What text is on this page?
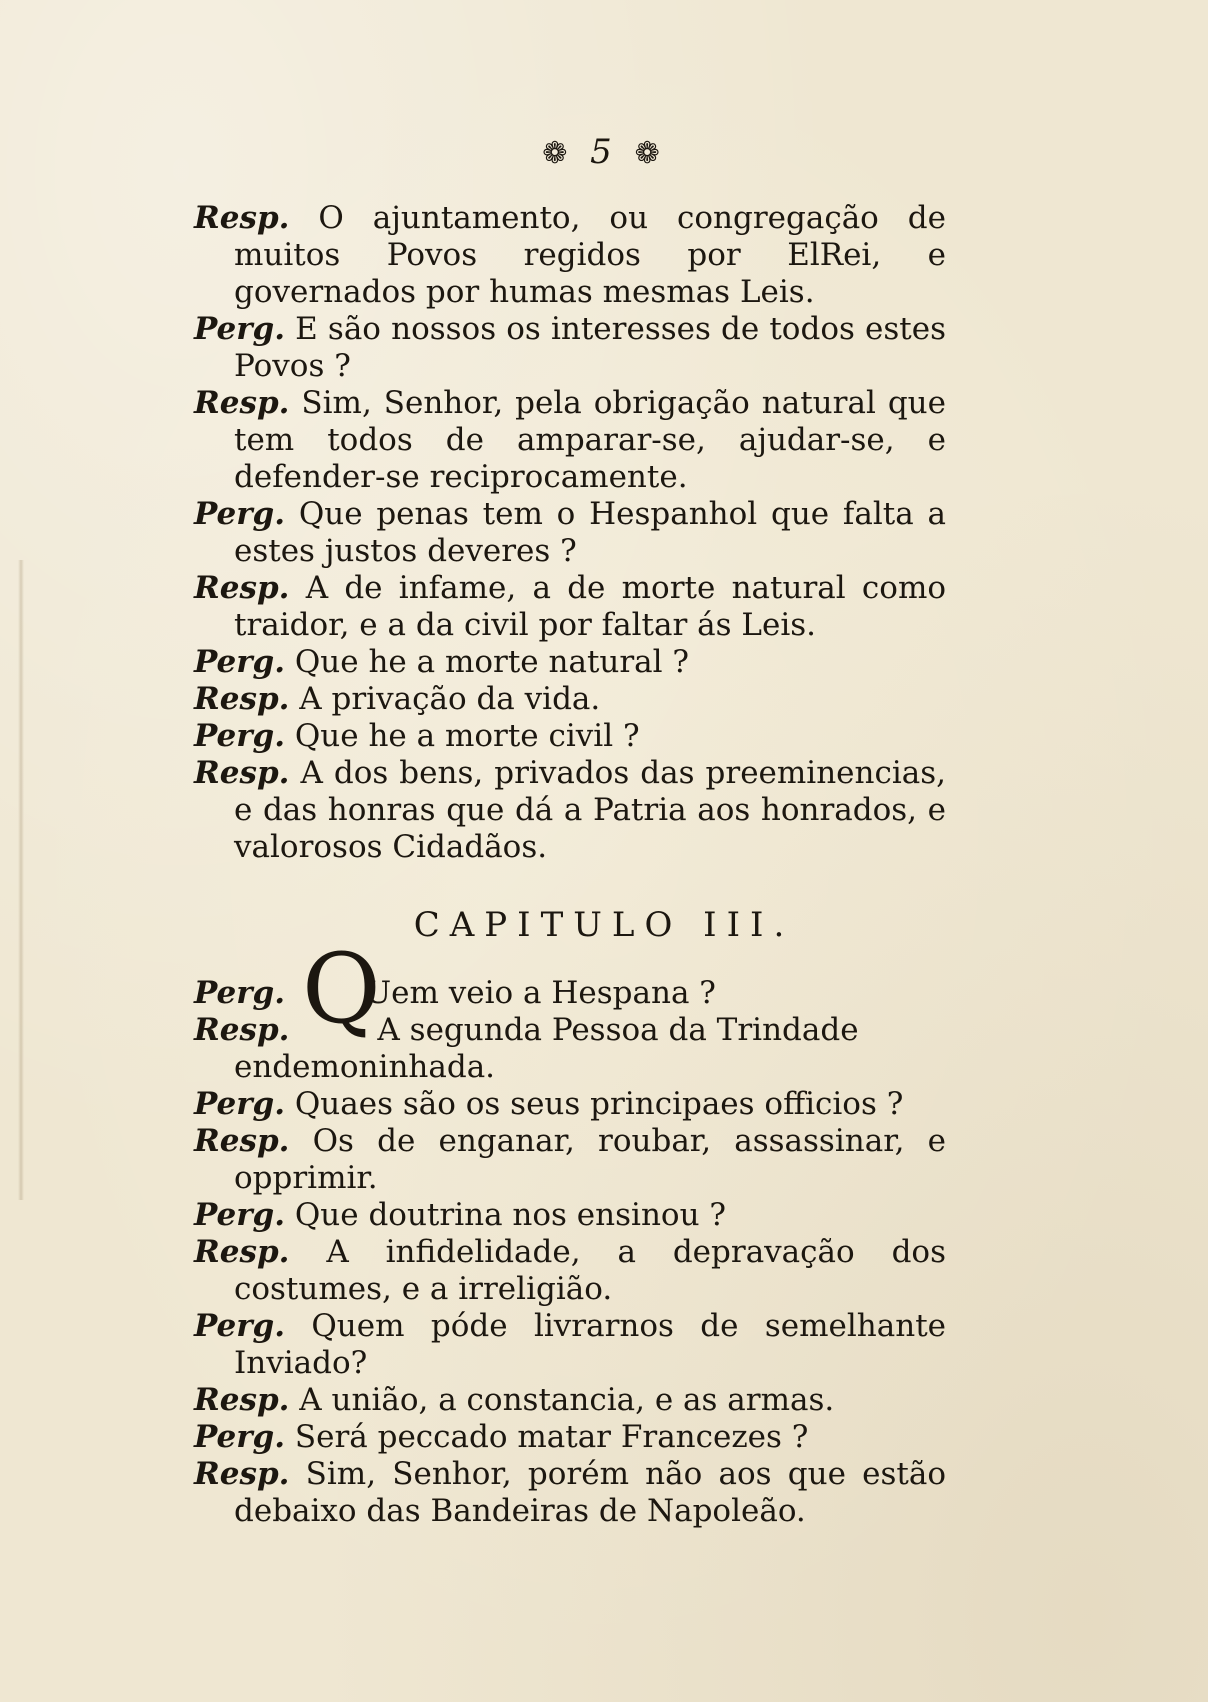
❁ 5 ❁
Resp. O ajuntamento, ou congregação de muitos Povos regidos por ElRei, e governados por humas mesmas Leis.
Perg. E são nossos os interesses de todos estes Povos ?
Resp. Sim, Senhor, pela obrigação natural que tem todos de amparar-se, ajudar-se, e defender-se reciprocamente.
Perg. Que penas tem o Hespanhol que falta a estes justos deveres ?
Resp. A de infame, a de morte natural como traidor, e a da civil por faltar ás Leis.
Perg. Que he a morte natural ?
Resp. A privação da vida.
Perg. Que he a morte civil ?
Resp. A dos bens, privados das preeminencias, e das honras que dá a Patria aos honrados, e valorosos Cidadãos.
CAPITULO III.
Q
Perg.	Uem veio a Hespana ?
Resp.	A segunda Pessoa da Trindade endemoninhada.
Perg. Quaes são os seus principaes officios ?
Resp. Os de enganar, roubar, assassinar, e opprimir.
Perg. Que doutrina nos ensinou ?
Resp. A infidelidade, a depravação dos costumes, e a irreligião.
Perg. Quem póde livrarnos de semelhante Inviado?
Resp. A união, a constancia, e as armas.
Perg. Será peccado matar Francezes ?
Resp. Sim, Senhor, porém não aos que estão debaixo das Bandeiras de Napoleão.
